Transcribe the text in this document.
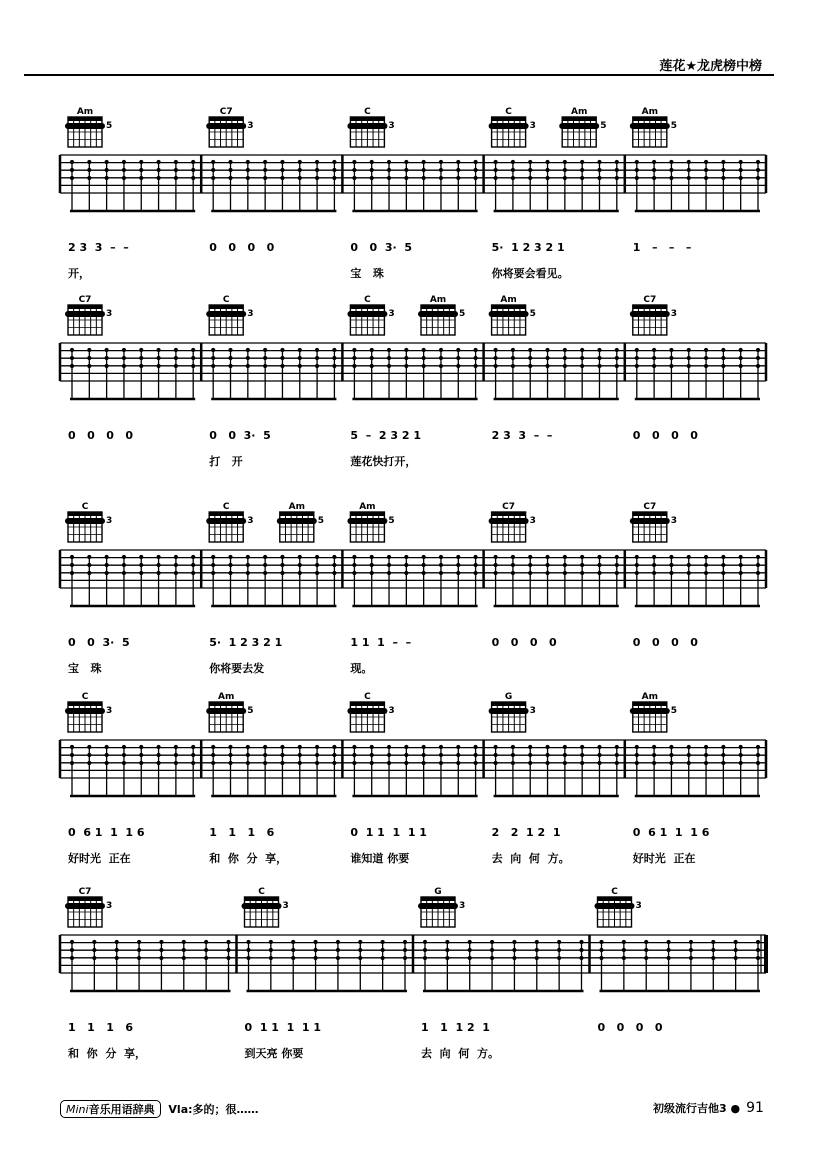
莲花★龙虎榜中榜
Am
5
2 3  3  –  –
开，
C7
3
0   0   0   0
C
3
0   0  3·  5
宝   珠
C
3
Am
5
5·  1 2 3 2 1
你将要会看见。
Am
5
1   –   –   –
C7
3
0   0   0   0
C
3
0   0  3·  5
打   开
C
3
Am
5
5  –  2 3 2 1
莲花快打开，
Am
5
2 3  3  –  –
C7
3
0   0   0   0
C
3
0   0  3·  5
宝   珠
C
3
Am
5
5·  1 2 3 2 1
你将要去发
Am
5
1 1  1  –  –
现。
C7
3
0   0   0   0
C7
3
0   0   0   0
C
3
0  6 1  1  1 6
好时光  正在
Am
5
1   1   1   6
和  你  分  享，
C
3
0  1 1  1  1 1
谁知道 你要
G
3
2   2  1 2  1
去  向  何  方。
Am
5
0  6 1  1  1 6
好时光  正在
C7
3
1   1   1   6
和  你  分  享，
C
3
0  1 1  1  1 1
到天亮 你要
G
3
1   1  1 2  1
去  向  何  方。
C
3
0   0   0   0
Mini音乐用语辞典 Vla:多的；很……	初级流行吉他3 ● 91
